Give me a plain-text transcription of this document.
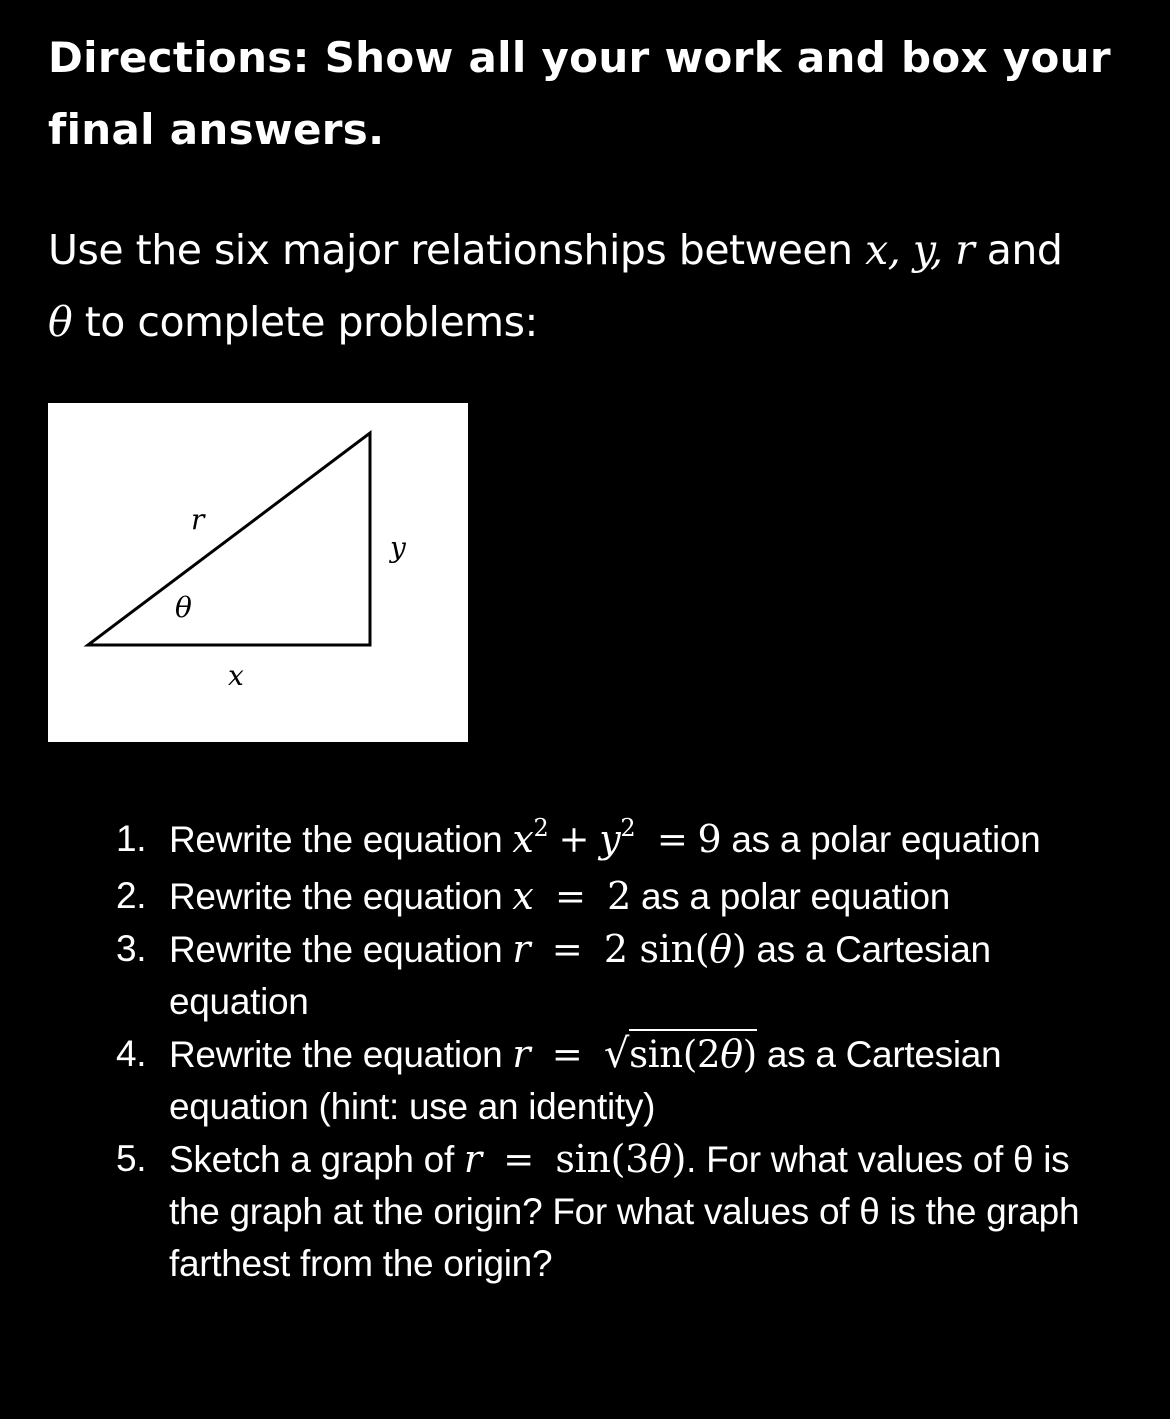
Directions: Show all your work and box your
final answers.

Use the six major relationships between x, y, r and
θ to complete problems:

r
θ
x
y
1. Rewrite the equation $x^2 + y^2 = 9$ as a polar equation
2. Rewrite the equation x = 2 as a polar equation
3. Rewrite the equation r = 2 sin(θ) as a Cartesian equation
4. Rewrite the equation r = √sin(2θ) as a Cartesian equation (hint: use an identity)
5. Sketch a graph of r = sin(3θ). For what values of θ is the graph at the origin? For what values of θ is the graph farthest from the origin?
